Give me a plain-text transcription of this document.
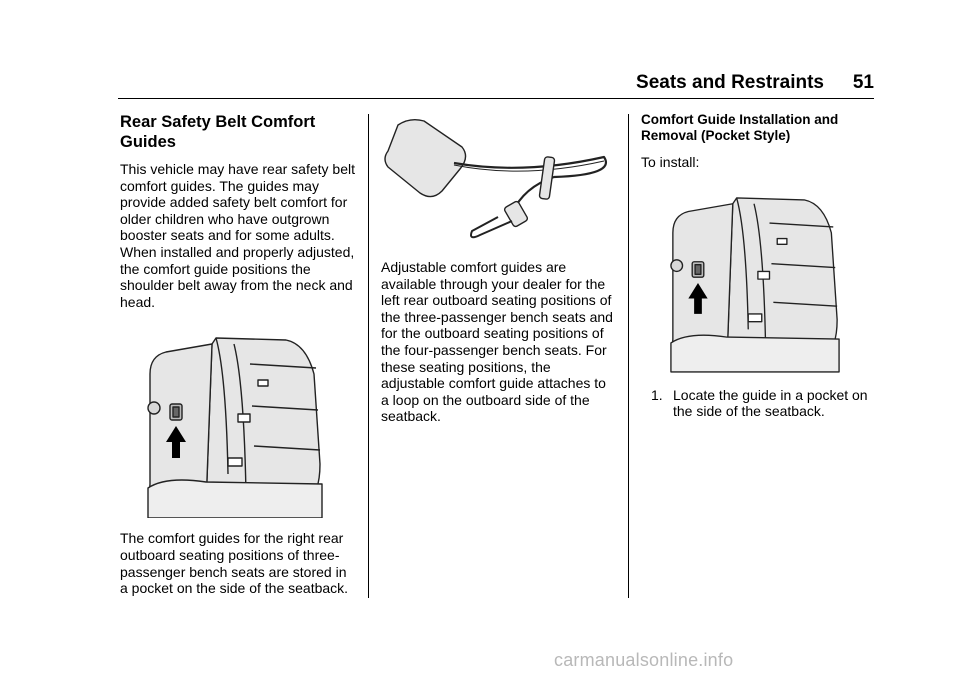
Seats and Restraints 51
Rear Safety Belt Comfort Guides

This vehicle may have rear safety belt comfort guides. The guides may provide added safety belt comfort for older children who have outgrown booster seats and for some adults. When installed and properly adjusted, the comfort guide positions the shoulder belt away from the neck and head.

The comfort guides for the right rear outboard seating positions of three-passenger bench seats are stored in a pocket on the side of the seatback.

Adjustable comfort guides are available through your dealer for the left rear outboard seating positions of the three-passenger bench seats and for the outboard seating positions of the four-passenger bench seats. For these seating positions, the adjustable comfort guide attaches to a loop on the outboard side of the seatback.

Comfort Guide Installation and Removal (Pocket Style)

To install:

1. Locate the guide in a pocket on the side of the seatback.

carmanualsonline.info
